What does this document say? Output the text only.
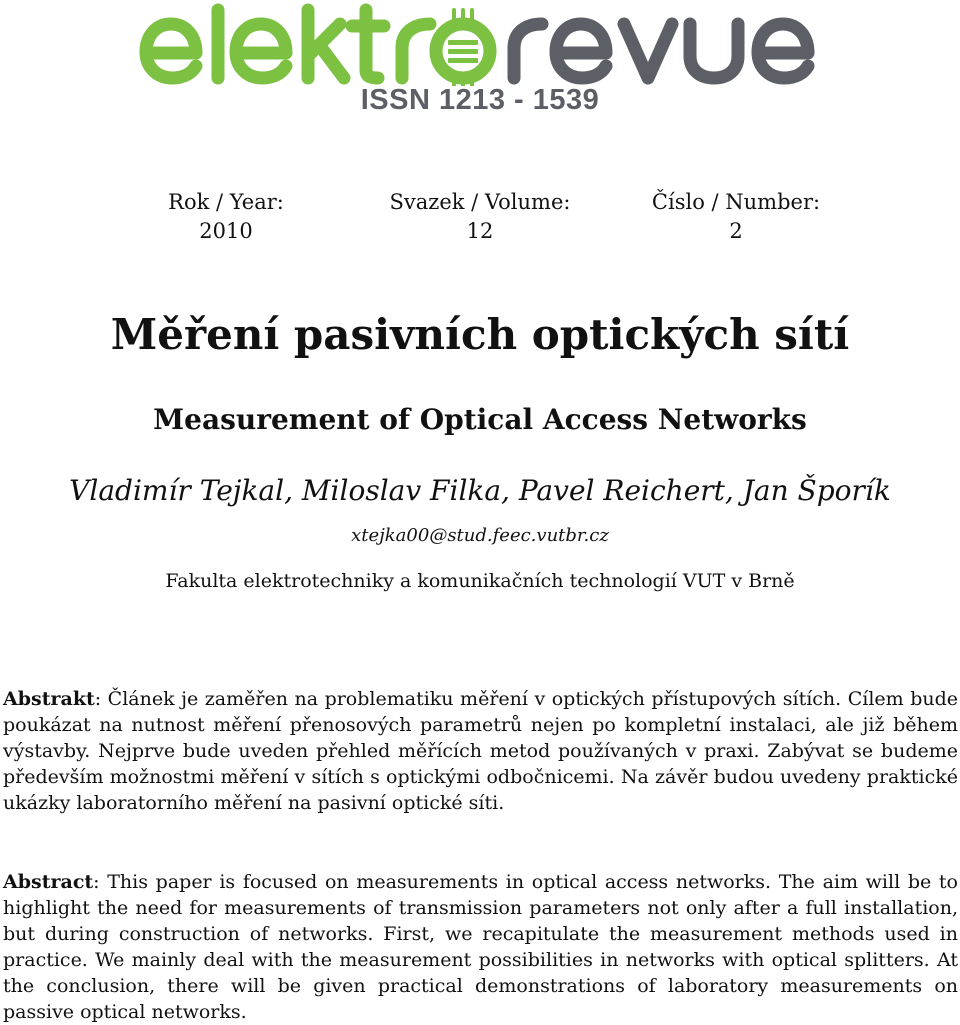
ISSN 1213 - 1539
Rok / Year:
2010
Svazek / Volume:
12
Číslo / Number:
2
Měření pasivních optických sítí
Measurement of Optical Access Networks
Vladimír Tejkal, Miloslav Filka, Pavel Reichert, Jan Šporík
xtejka00@stud.feec.vutbr.cz
Fakulta elektrotechniky a komunikačních technologií VUT v Brně

Abstrakt: Článek je zaměřen na problematiku měření v optických přístupových sítích. Cílem bude poukázat na nutnost měření přenosových parametrů nejen po kompletní instalaci, ale již během výstavby. Nejprve bude uveden přehled měřících metod používaných v praxi. Zabývat se budeme především možnostmi měření v sítích s optickými odbočnicemi. Na závěr budou uvedeny praktické ukázky laboratorního měření na pasivní optické síti.

Abstract: This paper is focused on measurements in optical access networks. The aim will be to highlight the need for measurements of transmission parameters not only after a full installation, but during construction of networks. First, we recapitulate the measurement methods used in practice. We mainly deal with the measurement possibilities in networks with optical splitters. At the conclusion, there will be given practical demonstrations of laboratory measurements on passive optical networks.
